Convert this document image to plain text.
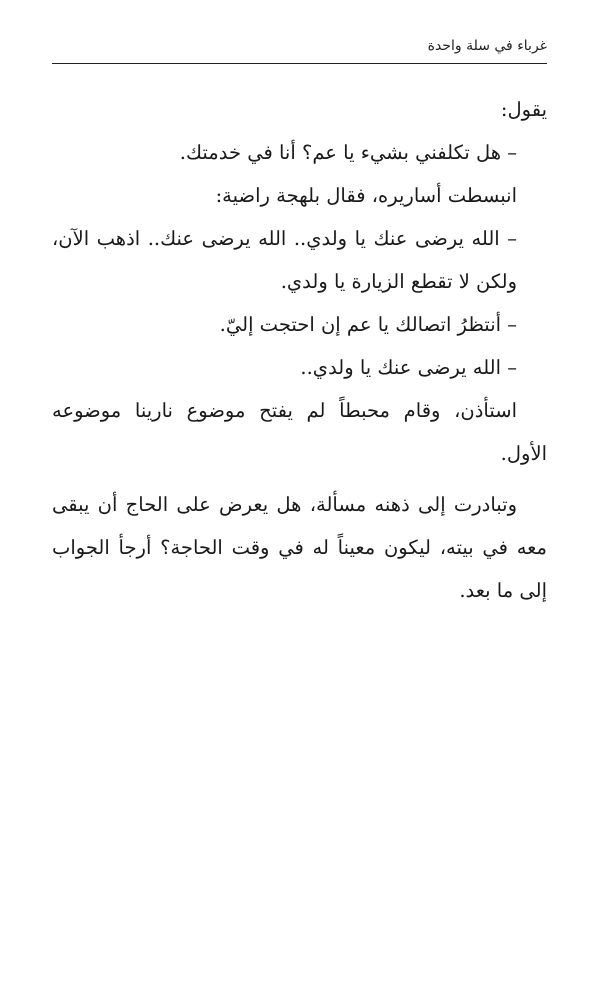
غرباء في سلة واحدة
يقول:
– هل تكلفني بشيء يا عم؟ أنا في خدمتك.
انبسطت أساريره، فقال بلهجة راضية:
– الله يرضى عنك يا ولدي.. الله يرضى عنك.. اذهب الآن،
ولكن لا تقطع الزيارة يا ولدي.
– أنتظرُ اتصالك يا عم إن احتجت إليّ.
– الله يرضى عنك يا ولدي..
استأذن، وقام محبطاً لم يفتح موضوع نارينا موضوعه
الأول.
وتبادرت إلى ذهنه مسألة، هل يعرض على الحاج أن يبقى
معه في بيته، ليكون معيناً له في وقت الحاجة؟ أرجأ الجواب
إلى ما بعد.
